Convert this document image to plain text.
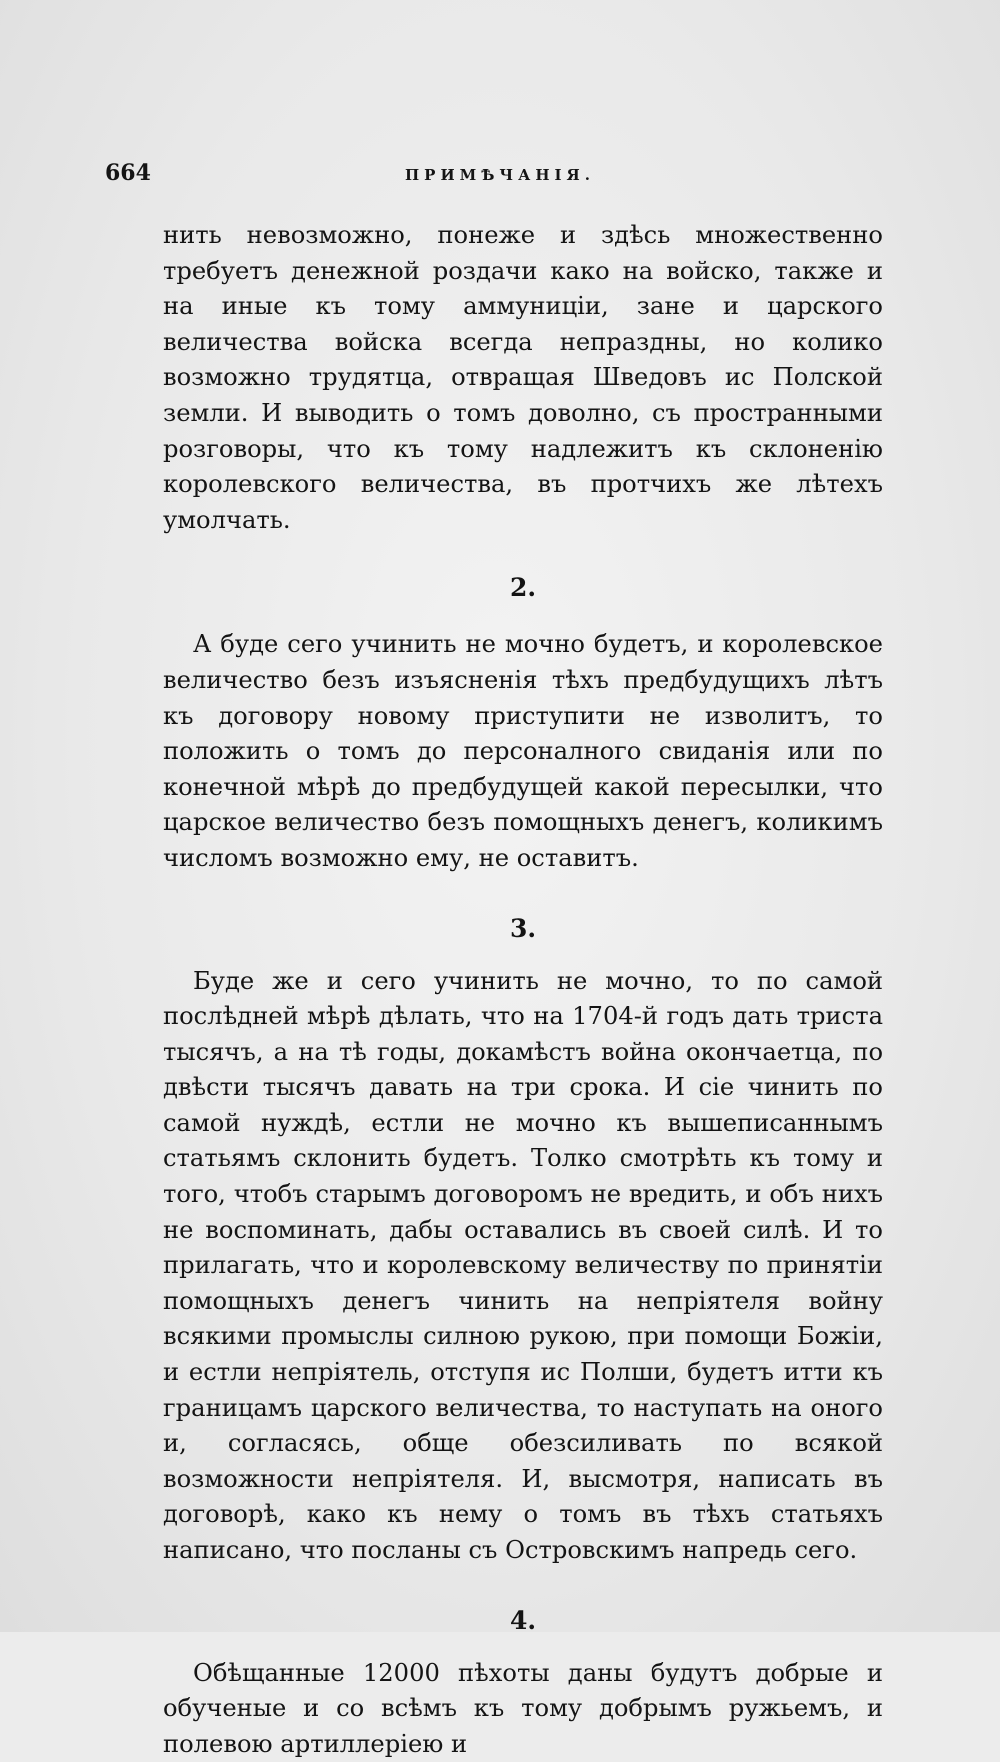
664	ПРИМѢЧАНІЯ.

нить невозможно, понеже и здѣсь множественно требуетъ денежной роздачи како на войско, также и на иные къ тому аммуниціи, зане и царского величества войска всегда непраздны, но колико возможно трудятца, отвращая Шведовъ ис Полской земли. И выводить о томъ доволно, съ пространными розговоры, что къ тому надлежитъ къ склоненію королевского величества, въ протчихъ же лѣтехъ умолчать.

2.

А буде сего учинить не мочно будетъ, и королевское величество безъ изъясненія тѣхъ предбудущихъ лѣтъ къ договору новому приступити не изволитъ, то положить о томъ до персоналного свиданія или по конечной мѣрѣ до предбудущей какой пересылки, что царское величество безъ помощныхъ денегъ, коликимъ числомъ возможно ему, не оставитъ.

3.

Буде же и сего учинить не мочно, то по самой послѣдней мѣрѣ дѣлать, что на 1704-й годъ дать триста тысячъ, а на тѣ годы, докамѣстъ война окончаетца, по двѣсти тысячъ давать на три срока. И сіе чинить по самой нуждѣ, естли не мочно къ вышеписаннымъ статьямъ склонить будетъ. Толко смотрѣть къ тому и того, чтобъ старымъ договоромъ не вредить, и объ нихъ не воспоминать, дабы оставались въ своей силѣ. И то прилагать, что и королевскому величеству по принятіи помощныхъ денегъ чинить на непріятеля войну всякими промыслы силною рукою, при помощи Божіи, и естли непріятель, отступя ис Полши, будетъ итти къ границамъ царского величества, то наступать на оного и, согласясь, обще обезсиливать по всякой возможности непріятеля. И, высмотря, написать въ договорѣ, како къ нему о томъ въ тѣхъ статьяхъ написано, что посланы съ Островскимъ напредь сего.

4.

Обѣщанные 12000 пѣхоты даны будутъ добрые и обученые и со всѣмъ къ тому добрымъ ружьемъ, и полевою артиллеріею и
